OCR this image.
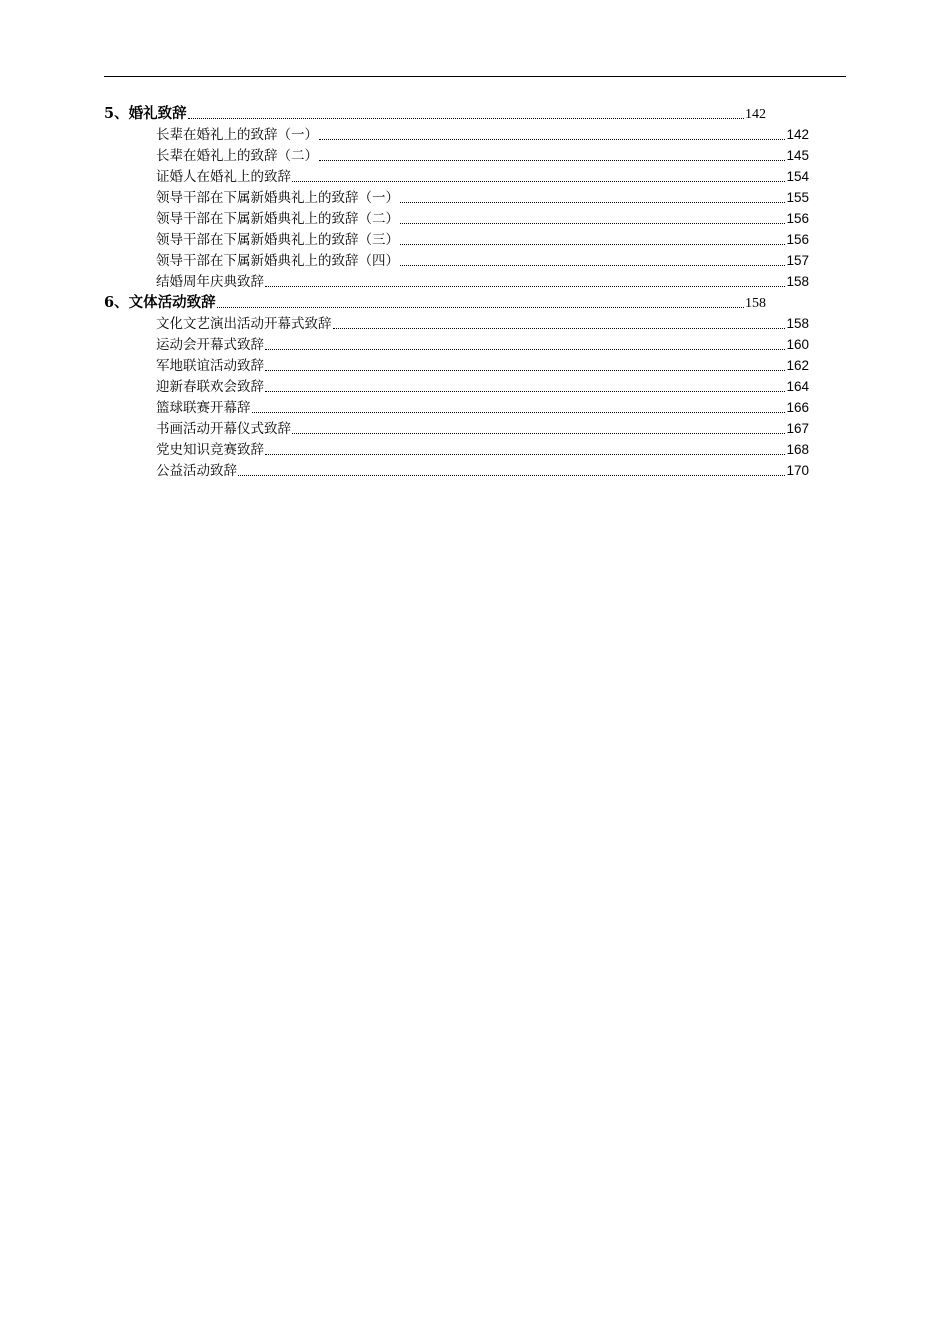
5、婚礼致辞	142
长辈在婚礼上的致辞（一）	142
长辈在婚礼上的致辞（二）	145
证婚人在婚礼上的致辞	154
领导干部在下属新婚典礼上的致辞（一）	155
领导干部在下属新婚典礼上的致辞（二）	156
领导干部在下属新婚典礼上的致辞（三）	156
领导干部在下属新婚典礼上的致辞（四）	157
结婚周年庆典致辞	158
6、文体活动致辞	158
文化文艺演出活动开幕式致辞	158
运动会开幕式致辞	160
军地联谊活动致辞	162
迎新春联欢会致辞	164
篮球联赛开幕辞	166
书画活动开幕仪式致辞	167
党史知识竞赛致辞	168
公益活动致辞	170
